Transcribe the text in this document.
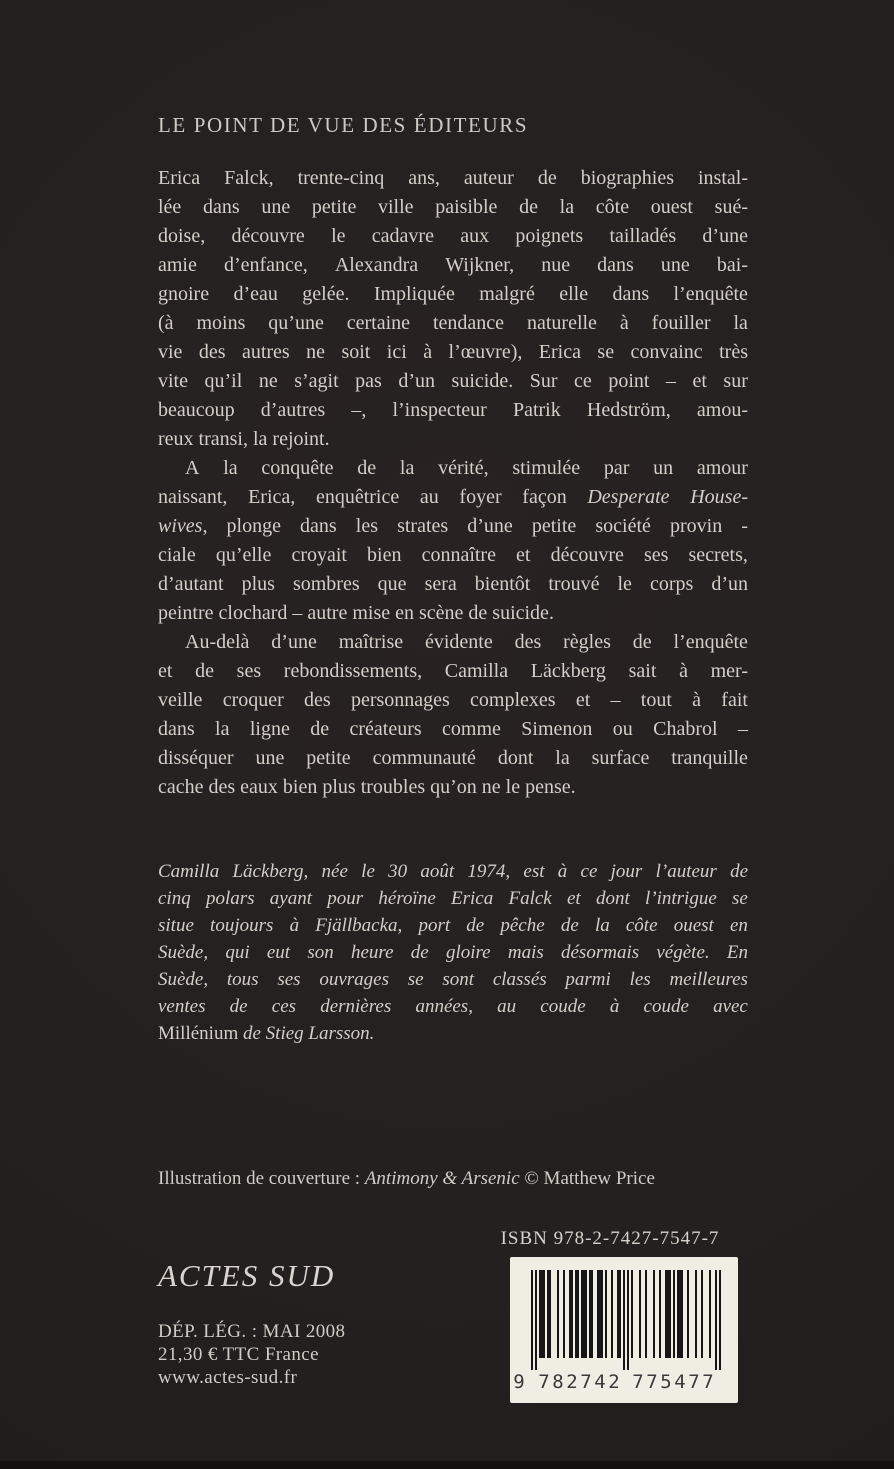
LE POINT DE VUE DES ÉDITEURS
Erica Falck, trente-cinq ans, auteur de biographies instal-
lée dans une petite ville paisible de la côte ouest sué-
doise, découvre le cadavre aux poignets tailladés d’une
amie d’enfance, Alexandra Wijkner, nue dans une bai-
gnoire d’eau gelée. Impliquée malgré elle dans l’enquête
(à moins qu’une certaine tendance naturelle à fouiller la
vie des autres ne soit ici à l’œuvre), Erica se convainc très
vite qu’il ne s’agit pas d’un suicide. Sur ce point – et sur
beaucoup d’autres –, l’inspecteur Patrik Hedström, amou-
reux transi, la rejoint.
A la conquête de la vérité, stimulée par un amour
naissant, Erica, enquêtrice au foyer façon Desperate House-
wives, plonge dans les strates d’une petite société provin -
ciale qu’elle croyait bien connaître et découvre ses secrets,
d’autant plus sombres que sera bientôt trouvé le corps d’un
peintre clochard – autre mise en scène de suicide.
Au-delà d’une maîtrise évidente des règles de l’enquête
et de ses rebondissements, Camilla Läckberg sait à mer-
veille croquer des personnages complexes et – tout à fait
dans la ligne de créateurs comme Simenon ou Chabrol –
disséquer une petite communauté dont la surface tranquille
cache des eaux bien plus troubles qu’on ne le pense.
Camilla Läckberg, née le 30 août 1974, est à ce jour l’auteur de
cinq polars ayant pour héroïne Erica Falck et dont l’intrigue se
situe toujours à Fjällbacka, port de pêche de la côte ouest en
Suède, qui eut son heure de gloire mais désormais végète. En
Suède, tous ses ouvrages se sont classés parmi les meilleures
ventes de ces dernières années, au coude à coude avec
Millénium de Stieg Larsson.
Illustration de couverture : Antimony & Arsenic © Matthew Price
ISBN 978-2-7427-7547-7
9 7 8 2 7 4 2 7 7 5 4 7 7
ACTES SUD
DÉP. LÉG. : MAI 2008
21,30 € TTC France
www.actes-sud.fr
